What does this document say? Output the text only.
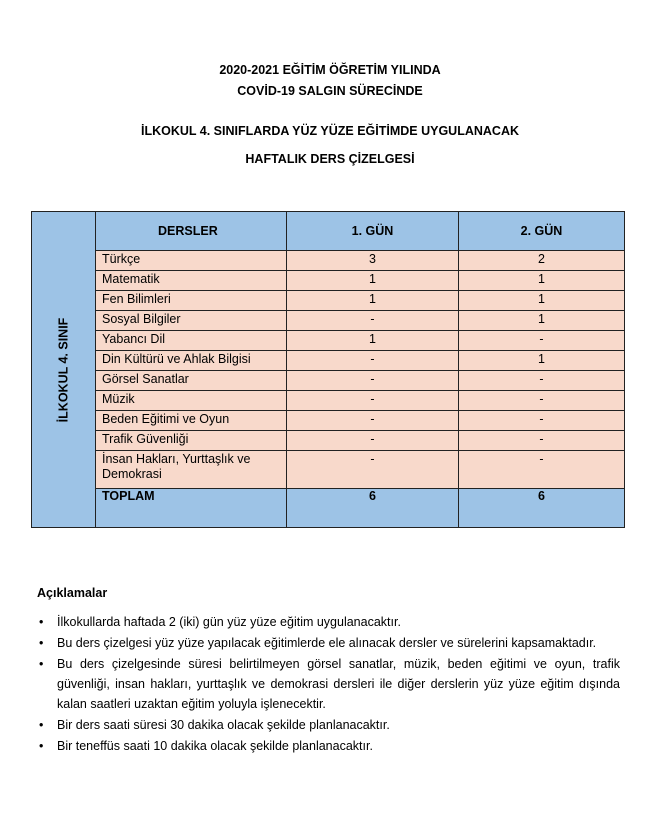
2020-2021 EĞİTİM ÖĞRETİM YILINDA
COVİD-19 SALGIN SÜRECİNDE
İLKOKUL 4. SINIFLARDA YÜZ YÜZE EĞİTİMDE UYGULANACAK
HAFTALIK DERS ÇİZELGESİ
İLKOKUL 4. SINIF	DERSLER	1. GÜN	2. GÜN
	Türkçe	3	2
	Matematik	1	1
	Fen Bilimleri	1	1
	Sosyal Bilgiler	-	1
	Yabancı Dil	1	-
	Din Kültürü ve Ahlak Bilgisi	-	1
	Görsel Sanatlar	-	-
	Müzik	-	-
	Beden Eğitimi ve Oyun	-	-
	Trafik Güvenliği	-	-
	İnsan Hakları, Yurttaşlık ve Demokrasi	-	-
	TOPLAM	6	6
Açıklamalar
• İlkokullarda haftada 2 (iki) gün yüz yüze eğitim uygulanacaktır.
• Bu ders çizelgesi yüz yüze yapılacak eğitimlerde ele alınacak dersler ve sürelerini kapsamaktadır.
• Bu ders çizelgesinde süresi belirtilmeyen görsel sanatlar, müzik, beden eğitimi ve oyun, trafik güvenliği, insan hakları, yurttaşlık ve demokrasi dersleri ile diğer derslerin yüz yüze eğitim dışında kalan saatleri uzaktan eğitim yoluyla işlenecektir.
• Bir ders saati süresi 30 dakika olacak şekilde planlanacaktır.
• Bir teneffüs saati 10 dakika olacak şekilde planlanacaktır.
